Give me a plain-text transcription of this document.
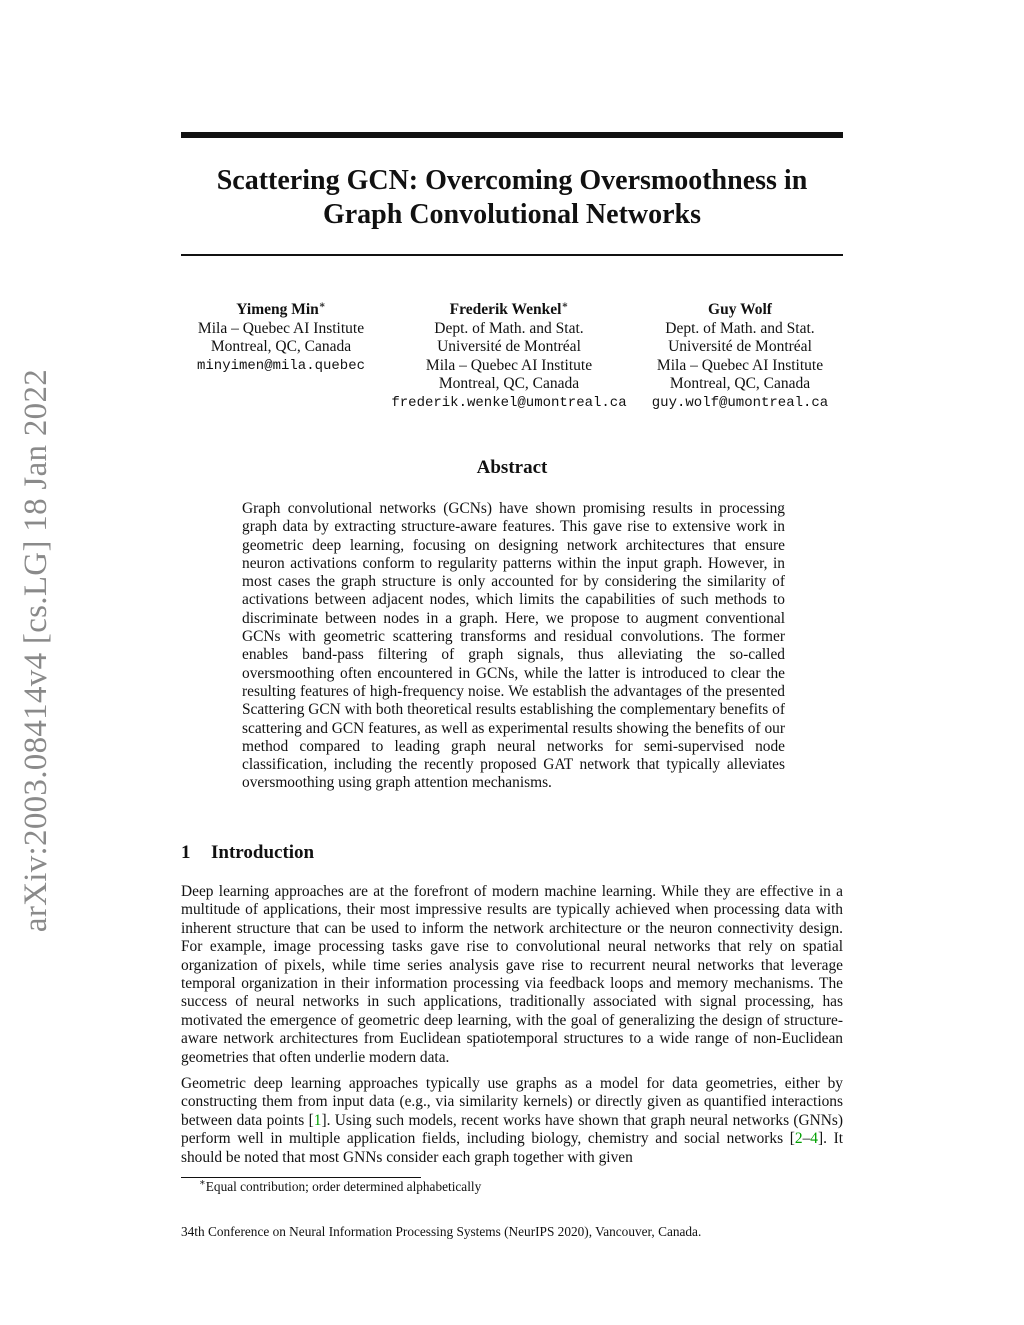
arXiv:2003.08414v4 [cs.LG] 18 Jan 2022
Scattering GCN: Overcoming Oversmoothness in
Graph Convolutional Networks
Yimeng Min∗
Mila – Quebec AI Institute
Montreal, QC, Canada
minyimen@mila.quebec
Frederik Wenkel∗
Dept. of Math. and Stat.
Université de Montréal
Mila – Quebec AI Institute
Montreal, QC, Canada
frederik.wenkel@umontreal.ca
Guy Wolf
Dept. of Math. and Stat.
Université de Montréal
Mila – Quebec AI Institute
Montreal, QC, Canada
guy.wolf@umontreal.ca
Abstract

Graph convolutional networks (GCNs) have shown promising results in processing graph data by extracting structure-aware features. This gave rise to extensive work in geometric deep learning, focusing on designing network architectures that ensure neuron activations conform to regularity patterns within the input graph. However, in most cases the graph structure is only accounted for by considering the similarity of activations between adjacent nodes, which limits the capabilities of such methods to discriminate between nodes in a graph. Here, we propose to augment conventional GCNs with geometric scattering transforms and residual convolutions. The former enables band-pass filtering of graph signals, thus alleviating the so-called oversmoothing often encountered in GCNs, while the latter is introduced to clear the resulting features of high-frequency noise. We establish the advantages of the presented Scattering GCN with both theoretical results establishing the complementary benefits of scattering and GCN features, as well as experimental results showing the benefits of our method compared to leading graph neural networks for semi-supervised node classification, including the recently proposed GAT network that typically alleviates oversmoothing using graph attention mechanisms.

1 Introduction

Deep learning approaches are at the forefront of modern machine learning. While they are effective in a multitude of applications, their most impressive results are typically achieved when processing data with inherent structure that can be used to inform the network architecture or the neuron connectivity design. For example, image processing tasks gave rise to convolutional neural networks that rely on spatial organization of pixels, while time series analysis gave rise to recurrent neural networks that leverage temporal organization in their information processing via feedback loops and memory mechanisms. The success of neural networks in such applications, traditionally associated with signal processing, has motivated the emergence of geometric deep learning, with the goal of generalizing the design of structure-aware network architectures from Euclidean spatiotemporal structures to a wide range of non-Euclidean geometries that often underlie modern data.

Geometric deep learning approaches typically use graphs as a model for data geometries, either by constructing them from input data (e.g., via similarity kernels) or directly given as quantified interactions between data points [1]. Using such models, recent works have shown that graph neural networks (GNNs) perform well in multiple application fields, including biology, chemistry and social networks [2–4]. It should be noted that most GNNs consider each graph together with given

∗Equal contribution; order determined alphabetically

34th Conference on Neural Information Processing Systems (NeurIPS 2020), Vancouver, Canada.
